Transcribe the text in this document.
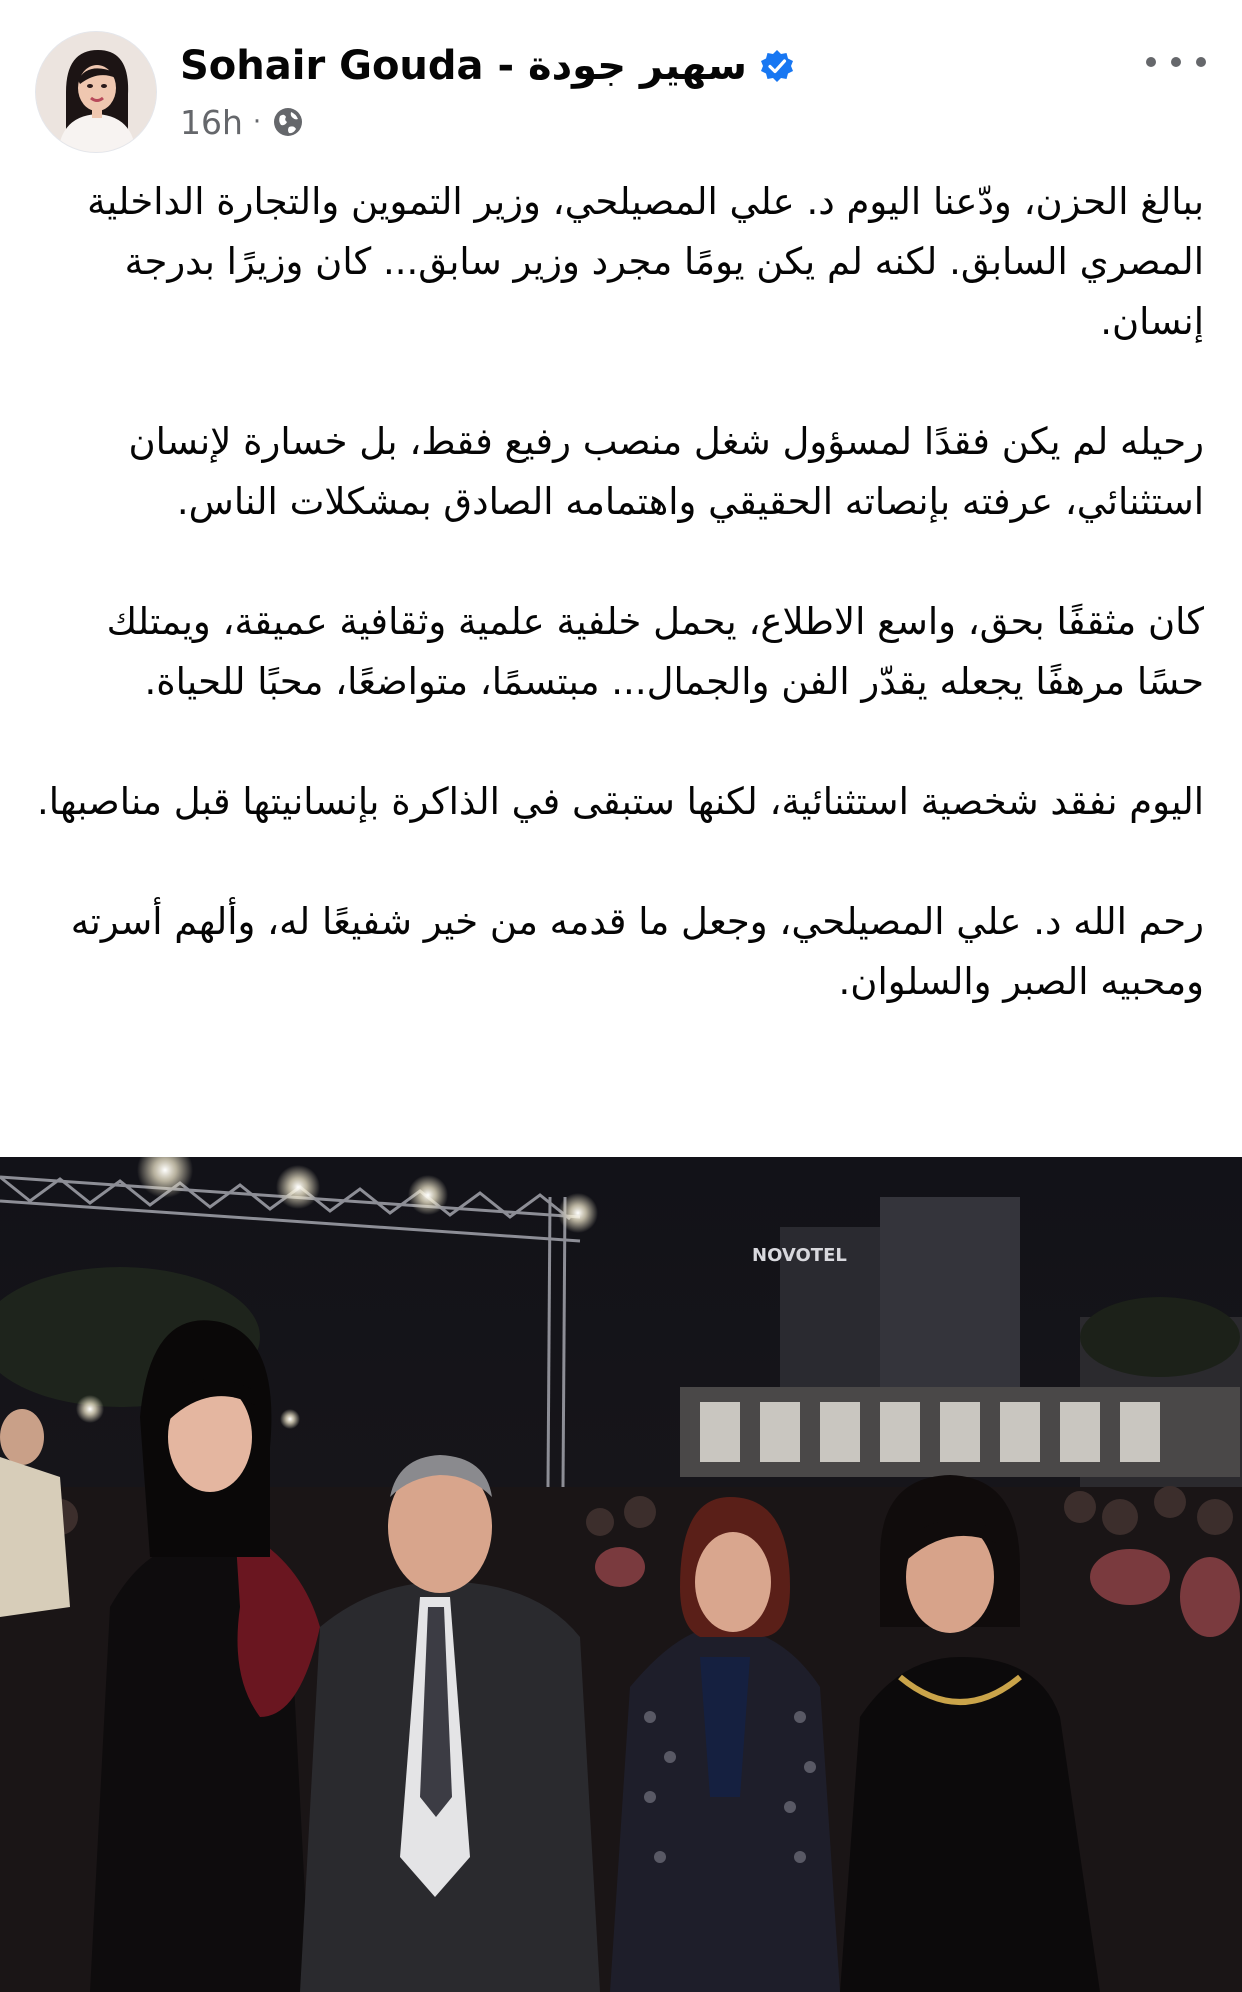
Sohair Gouda - سهير جودة
16h ·

ببالغ الحزن، ودّعنا اليوم د. علي المصيلحي، وزير التموين والتجارة الداخلية المصري السابق. لكنه لم يكن يومًا مجرد وزير سابق... كان وزيرًا بدرجة إنسان.

رحيله لم يكن فقدًا لمسؤول شغل منصب رفيع فقط، بل خسارة لإنسان استثنائي، عرفته بإنصاته الحقيقي واهتمامه الصادق بمشكلات الناس.

كان مثقفًا بحق، واسع الاطلاع، يحمل خلفية علمية وثقافية عميقة، ويمتلك حسًا مرهفًا يجعله يقدّر الفن والجمال... مبتسمًا، متواضعًا، محبًا للحياة.

اليوم نفقد شخصية استثنائية، لكنها ستبقى في الذاكرة بإنسانيتها قبل مناصبها.

رحم الله د. علي المصيلحي، وجعل ما قدمه من خير شفيعًا له، وألهم أسرته ومحبيه الصبر والسلوان.

NOVOTEL
